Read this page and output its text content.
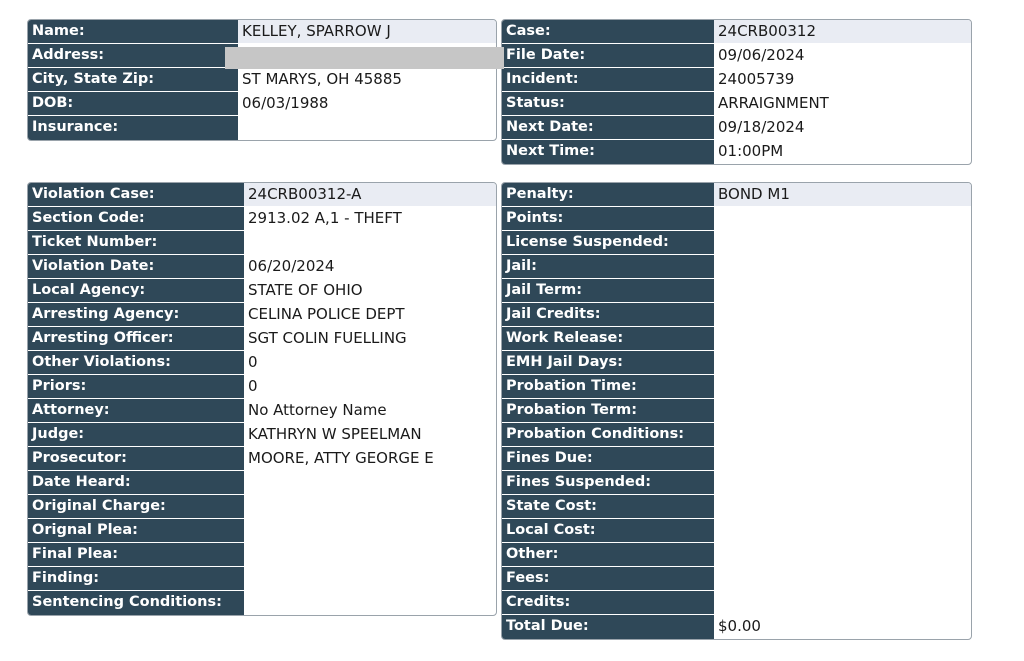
Name:	KELLEY, SPARROW J
Address:
City, State Zip:	ST MARYS, OH 45885
DOB:	06/03/1988
Insurance:
Case:	24CRB00312
File Date:	09/06/2024
Incident:	24005739
Status:	ARRAIGNMENT
Next Date:	09/18/2024
Next Time:	01:00PM
Violation Case:	24CRB00312-A
Section Code:	2913.02 A,1 - THEFT
Ticket Number:
Violation Date:	06/20/2024
Local Agency:	STATE OF OHIO
Arresting Agency:	CELINA POLICE DEPT
Arresting Officer:	SGT COLIN FUELLING
Other Violations:	0
Priors:	0
Attorney:	No Attorney Name
Judge:	KATHRYN W SPEELMAN
Prosecutor:	MOORE, ATTY GEORGE E
Date Heard:
Original Charge:
Orignal Plea:
Final Plea:
Finding:
Sentencing Conditions:
Penalty:	BOND M1
Points:
License Suspended:
Jail:
Jail Term:
Jail Credits:
Work Release:
EMH Jail Days:
Probation Time:
Probation Term:
Probation Conditions:
Fines Due:
Fines Suspended:
State Cost:
Local Cost:
Other:
Fees:
Credits:
Total Due:	$0.00
